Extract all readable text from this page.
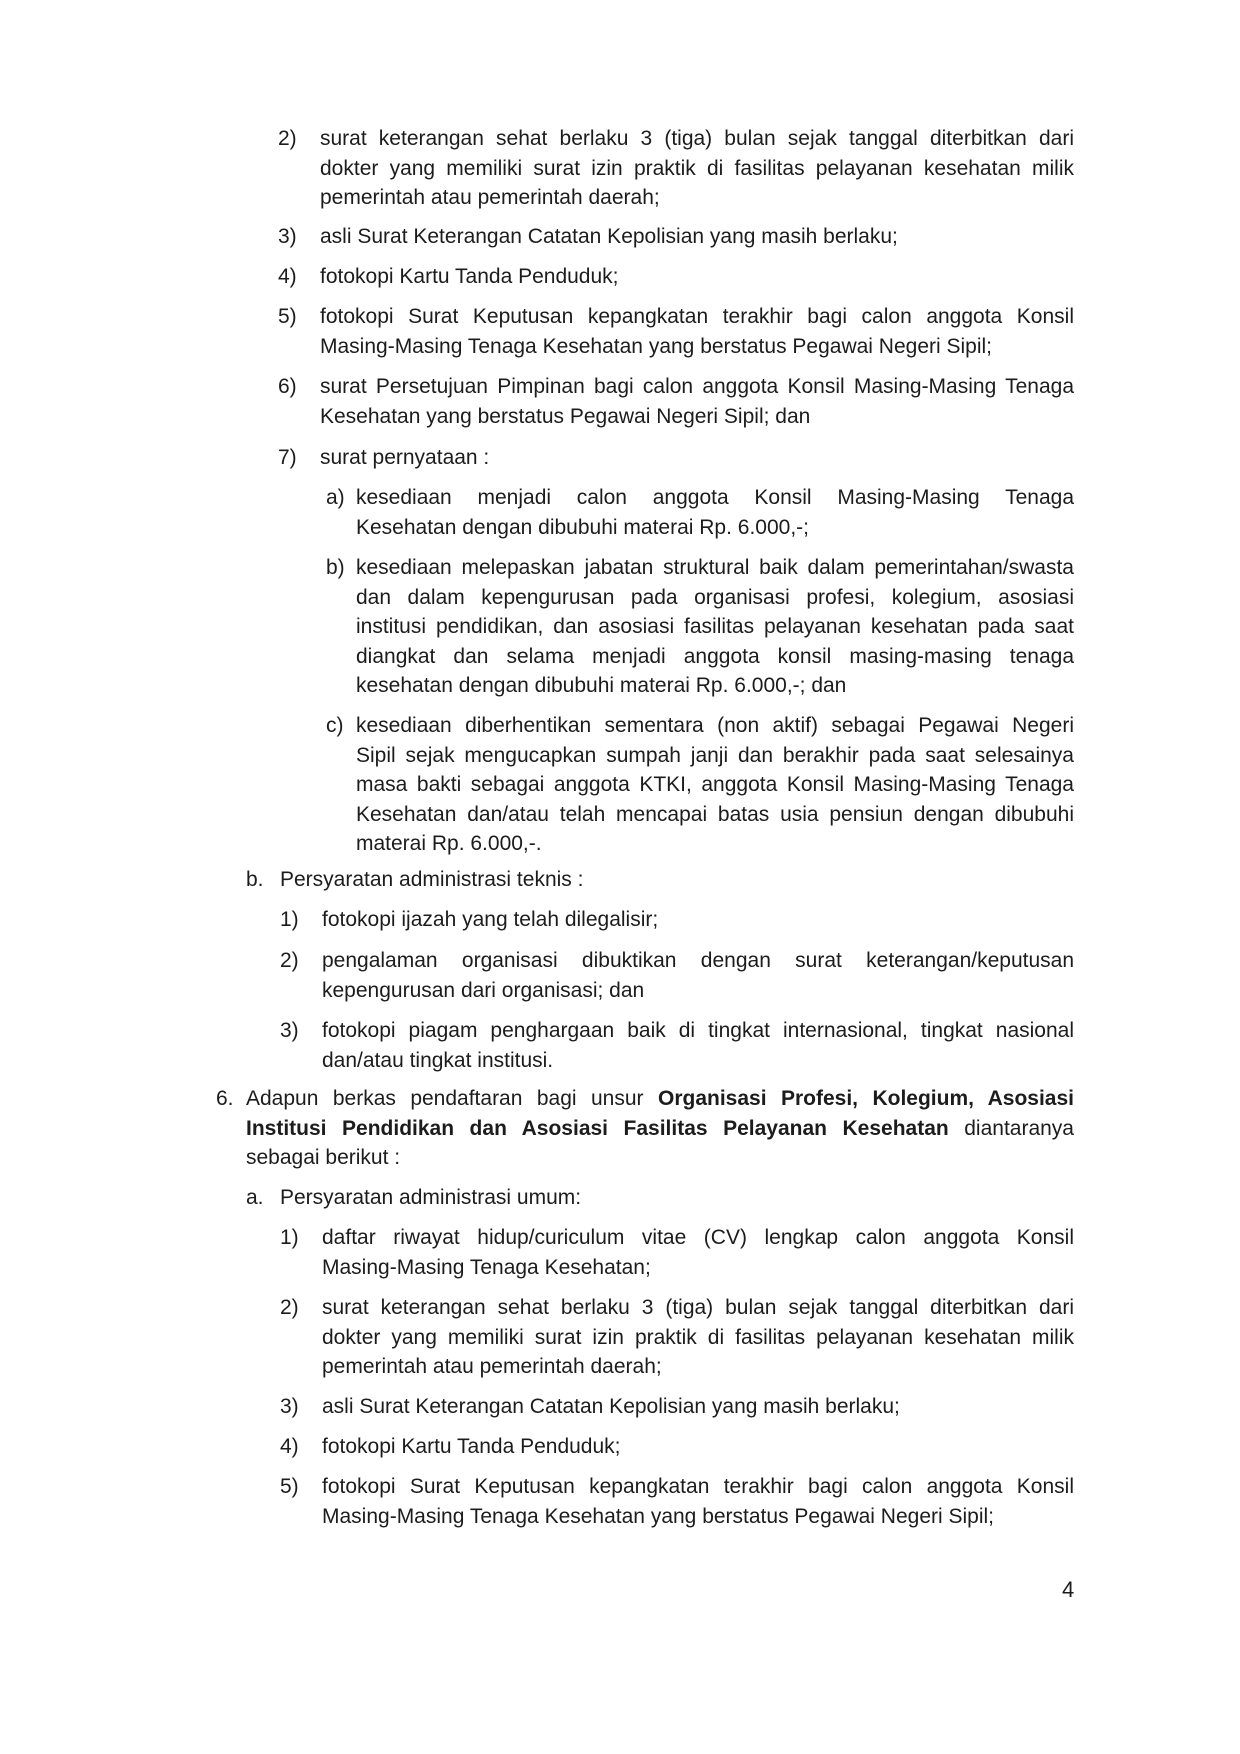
2) surat keterangan sehat berlaku 3 (tiga) bulan sejak tanggal diterbitkan dari
dokter yang memiliki surat izin praktik di fasilitas pelayanan kesehatan milik
pemerintah atau pemerintah daerah;
3) asli Surat Keterangan Catatan Kepolisian yang masih berlaku;
4) fotokopi Kartu Tanda Penduduk;
5) fotokopi Surat Keputusan kepangkatan terakhir bagi calon anggota Konsil
Masing-Masing Tenaga Kesehatan yang berstatus Pegawai Negeri Sipil;
6) surat Persetujuan Pimpinan bagi calon anggota Konsil Masing-Masing Tenaga
Kesehatan yang berstatus Pegawai Negeri Sipil; dan
7) surat pernyataan :
a) kesediaan menjadi calon anggota Konsil Masing-Masing Tenaga
Kesehatan dengan dibubuhi materai Rp. 6.000,-;
b) kesediaan melepaskan jabatan struktural baik dalam pemerintahan/swasta
dan dalam kepengurusan pada organisasi profesi, kolegium, asosiasi
institusi pendidikan, dan asosiasi fasilitas pelayanan kesehatan pada saat
diangkat dan selama menjadi anggota konsil masing-masing tenaga
kesehatan dengan dibubuhi materai Rp. 6.000,-; dan
c) kesediaan diberhentikan sementara (non aktif) sebagai Pegawai Negeri
Sipil sejak mengucapkan sumpah janji dan berakhir pada saat selesainya
masa bakti sebagai anggota KTKI, anggota Konsil Masing-Masing Tenaga
Kesehatan dan/atau telah mencapai batas usia pensiun dengan dibubuhi
materai Rp. 6.000,-.
b. Persyaratan administrasi teknis :
1) fotokopi ijazah yang telah dilegalisir;
2) pengalaman organisasi dibuktikan dengan surat keterangan/keputusan
kepengurusan dari organisasi; dan
3) fotokopi piagam penghargaan baik di tingkat internasional, tingkat nasional
dan/atau tingkat institusi.
6. Adapun berkas pendaftaran bagi unsur Organisasi Profesi, Kolegium, Asosiasi
Institusi Pendidikan dan Asosiasi Fasilitas Pelayanan Kesehatan diantaranya
sebagai berikut :
a. Persyaratan administrasi umum:
1) daftar riwayat hidup/curiculum vitae (CV) lengkap calon anggota Konsil
Masing-Masing Tenaga Kesehatan;
2) surat keterangan sehat berlaku 3 (tiga) bulan sejak tanggal diterbitkan dari
dokter yang memiliki surat izin praktik di fasilitas pelayanan kesehatan milik
pemerintah atau pemerintah daerah;
3) asli Surat Keterangan Catatan Kepolisian yang masih berlaku;
4) fotokopi Kartu Tanda Penduduk;
5) fotokopi Surat Keputusan kepangkatan terakhir bagi calon anggota Konsil
Masing-Masing Tenaga Kesehatan yang berstatus Pegawai Negeri Sipil;
4
